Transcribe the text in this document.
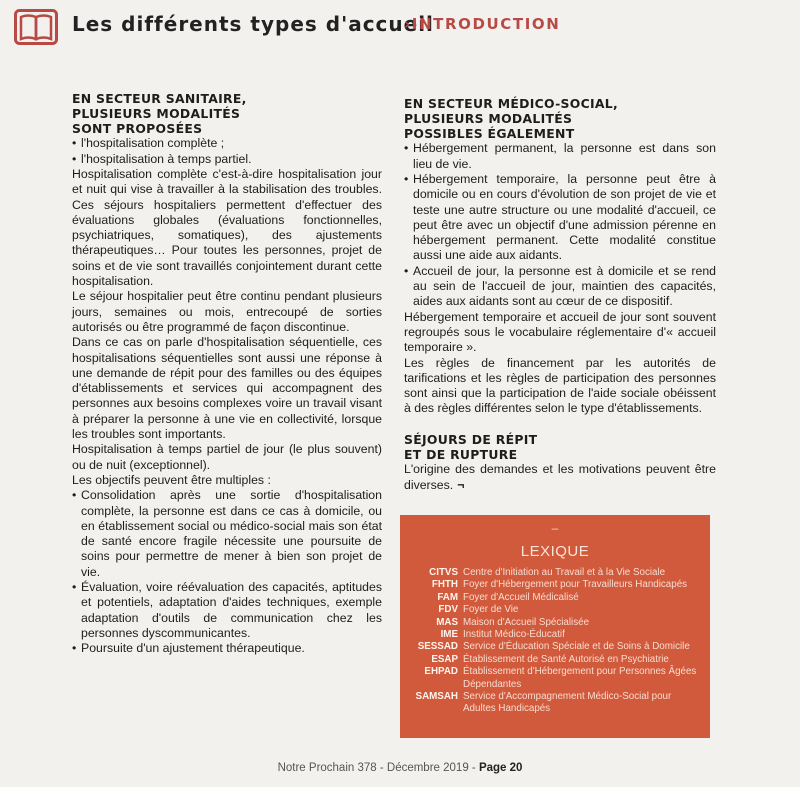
Les différents types d'accueil
›INTRODUCTION
EN SECTEUR SANITAIRE,
PLUSIEURS MODALITÉS
SONT PROPOSÉES
• l'hospitalisation complète ;
• l'hospitalisation à temps partiel.

Hospitalisation complète c'est-à-dire hospitalisation jour et nuit qui vise à travailler à la stabilisation des troubles. Ces séjours hospitaliers permettent d'effectuer des évaluations globales (évaluations fonctionnelles, psychiatriques, somatiques), des ajustements thérapeutiques… Pour toutes les personnes, projet de soins et de vie sont travaillés conjointement durant cette hospitalisation.

Le séjour hospitalier peut être continu pendant plusieurs jours, semaines ou mois, entrecoupé de sorties autorisés ou être programmé de façon discontinue.

Dans ce cas on parle d'hospitalisation séquentielle, ces hospitalisations séquentielles sont aussi une réponse à une demande de répit pour des familles ou des équipes d'établissements et services qui accompagnent des personnes aux besoins complexes voire un travail visant à préparer la personne à une vie en collectivité, lorsque les troubles sont importants.

Hospitalisation à temps partiel de jour (le plus souvent) ou de nuit (exceptionnel).

Les objectifs peuvent être multiples :

• Consolidation après une sortie d'hospitalisation complète, la personne est dans ce cas à domicile, ou en établissement social ou médico-social mais son état de santé encore fragile nécessite une poursuite de soins pour permettre de mener à bien son projet de vie.
• Évaluation, voire réévaluation des capacités, aptitudes et potentiels, adaptation d'aides techniques, exemple adaptation d'outils de communication chez les personnes dyscommunicantes.
• Poursuite d'un ajustement thérapeutique.
EN SECTEUR MÉDICO-SOCIAL,
PLUSIEURS MODALITÉS
POSSIBLES ÉGALEMENT
• Hébergement permanent, la personne est dans son lieu de vie.
• Hébergement temporaire, la personne peut être à domicile ou en cours d'évolution de son projet de vie et teste une autre structure ou une modalité d'accueil, ce peut être avec un objectif d'une admission pérenne en hébergement permanent. Cette modalité constitue aussi une aide aux aidants.
• Accueil de jour, la personne est à domicile et se rend au sein de l'accueil de jour, maintien des capacités, aides aux aidants sont au cœur de ce dispositif.

Hébergement temporaire et accueil de jour sont souvent regroupés sous le vocabulaire réglementaire d'« accueil temporaire ».

Les règles de financement par les autorités de tarifications et les règles de participation des personnes sont ainsi que la participation de l'aide sociale obéissent à des règles différentes selon le type d'établissements.

SÉJOURS DE RÉPIT
ET DE RUPTURE

L'origine des demandes et les motivations peuvent être diverses. ¬

–
LEXIQUE
CITVS Centre d'Initiation au Travail et à la Vie Sociale
FHTH Foyer d'Hébergement pour Travailleurs Handicapés
FAM Foyer d'Accueil Médicalisé
FDV Foyer de Vie
MAS Maison d'Accueil Spécialisée
IME Institut Médico-Éducatif
SESSAD Service d'Éducation Spéciale et de Soins à Domicile
ESAP Établissement de Santé Autorisé en Psychiatrie
EHPAD Établissement d'Hébergement pour Personnes Âgées Dépendantes
SAMSAH Service d'Accompagnement Médico-Social pour Adultes Handicapés
Notre Prochain 378 - Décembre 2019 - Page 20
